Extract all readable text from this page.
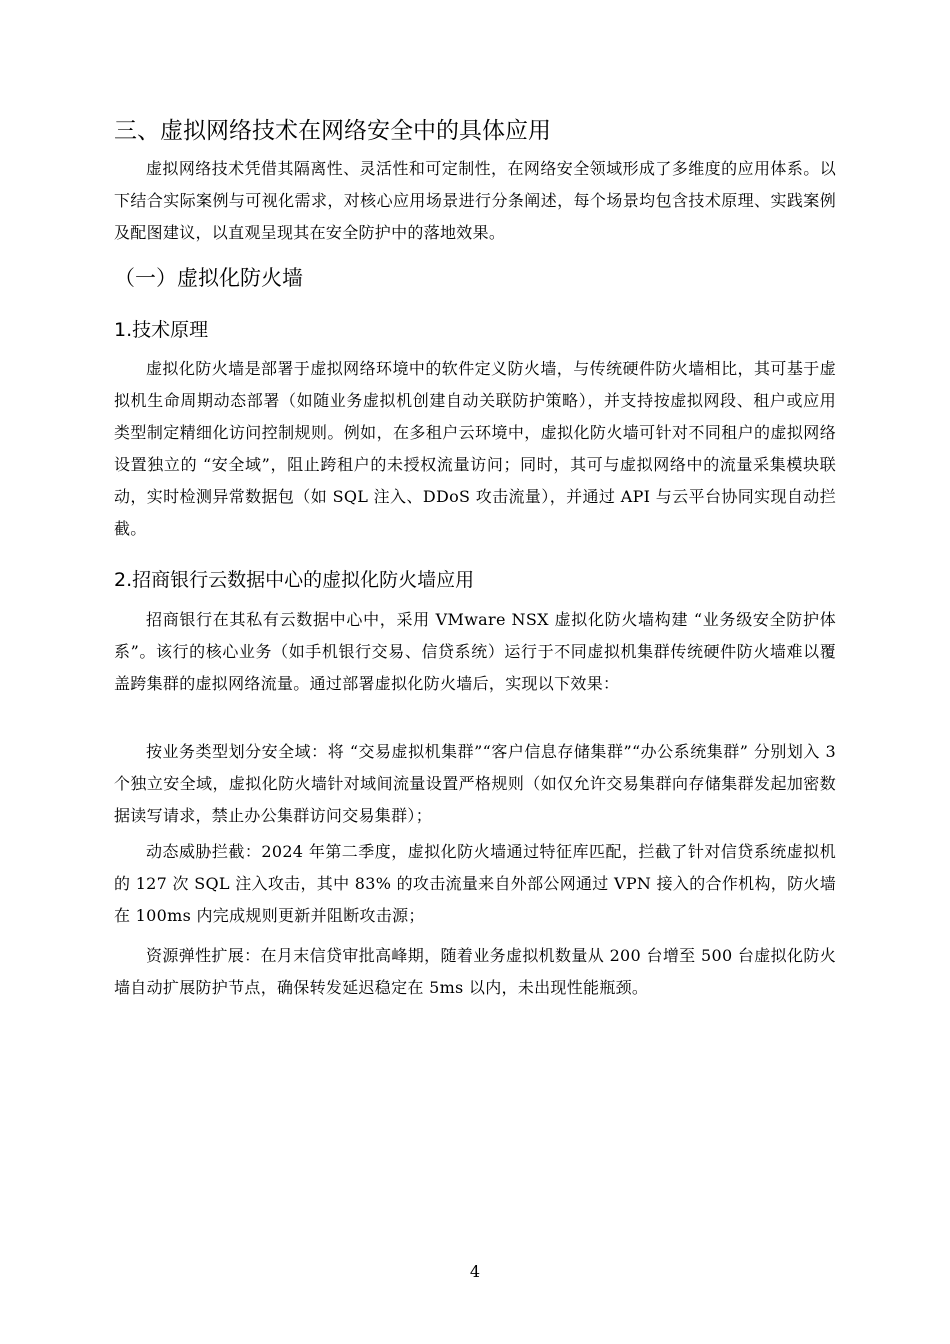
三、虚拟网络技术在网络安全中的具体应用

虚拟网络技术凭借其隔离性、灵活性和可定制性，在网络安全领域形成了多维度的应用体系。以下结合实际案例与可视化需求，对核心应用场景进行分条阐述，每个场景均包含技术原理、实践案例及配图建议，以直观呈现其在安全防护中的落地效果。

（一）虚拟化防火墙
1.技术原理

虚拟化防火墙是部署于虚拟网络环境中的软件定义防火墙，与传统硬件防火墙相比，其可基于虚拟机生命周期动态部署（如随业务虚拟机创建自动关联防护策略），并支持按虚拟网段、租户或应用类型制定精细化访问控制规则。例如，在多租户云环境中，虚拟化防火墙可针对不同租户的虚拟网络设置独立的 “安全域”，阻止跨租户的未授权流量访问；同时，其可与虚拟网络中的流量采集模块联动，实时检测异常数据包（如 SQL 注入、DDoS 攻击流量），并通过 API 与云平台协同实现自动拦截。

2.招商银行云数据中心的虚拟化防火墙应用

招商银行在其私有云数据中心中，采用 VMware NSX 虚拟化防火墙构建 “业务级安全防护体系”。该行的核心业务（如手机银行交易、信贷系统）运行于不同虚拟机集群传统硬件防火墙难以覆盖跨集群的虚拟网络流量。通过部署虚拟化防火墙后，实现以下效果：

按业务类型划分安全域：将 “交易虚拟机集群”“客户信息存储集群”“办公系统集群” 分别划入 3 个独立安全域，虚拟化防火墙针对域间流量设置严格规则（如仅允许交易集群向存储集群发起加密数据读写请求，禁止办公集群访问交易集群）；

动态威胁拦截：2024 年第二季度，虚拟化防火墙通过特征库匹配，拦截了针对信贷系统虚拟机的 127 次 SQL 注入攻击，其中 83% 的攻击流量来自外部公网通过 VPN 接入的合作机构，防火墙在 100ms 内完成规则更新并阻断攻击源；

资源弹性扩展：在月末信贷审批高峰期，随着业务虚拟机数量从 200 台增至 500 台虚拟化防火墙自动扩展防护节点，确保转发延迟稳定在 5ms 以内，未出现性能瓶颈。

4
